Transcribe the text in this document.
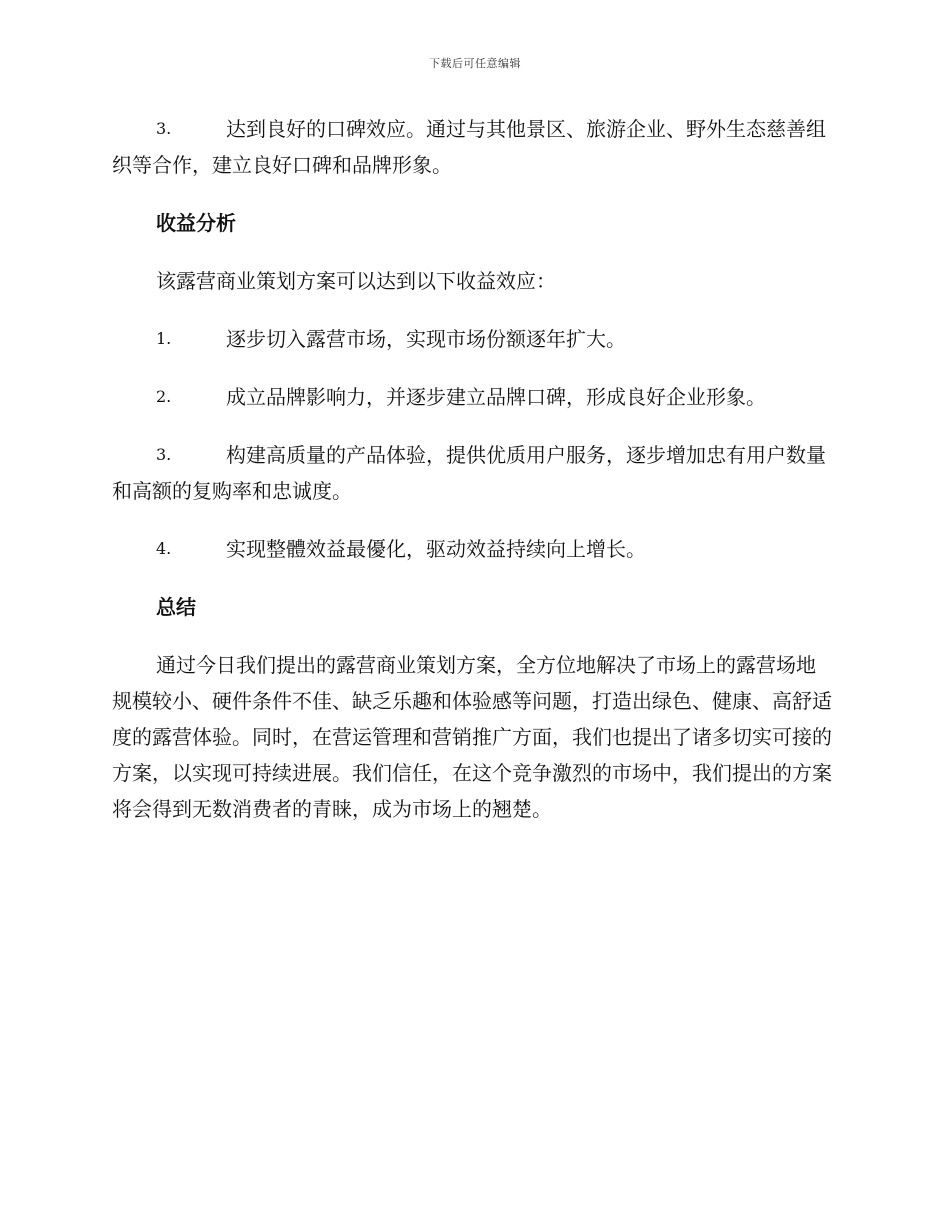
下载后可任意编辑

3.	达到良好的口碑效应。通过与其他景区、旅游企业、野外生态慈善组织等合作，建立良好口碑和品牌形象。

收益分析

该露营商业策划方案可以达到以下收益效应：

1.	逐步切入露营市场，实现市场份额逐年扩大。

2.	成立品牌影响力，并逐步建立品牌口碑，形成良好企业形象。

3.	构建高质量的产品体验，提供优质用户服务，逐步增加忠有用户数量和高额的复购率和忠诚度。

4.	实现整體效益最優化，驱动效益持续向上增长。

总结

通过今日我们提出的露营商业策划方案，全方位地解决了市场上的露营场地规模较小、硬件条件不佳、缺乏乐趣和体验感等问题，打造出绿色、健康、高舒适度的露营体验。同时，在营运管理和营销推广方面，我们也提出了诸多切实可接的方案，以实现可持续进展。我们信任，在这个竞争激烈的市场中，我们提出的方案将会得到无数消费者的青睐，成为市场上的翘楚。
